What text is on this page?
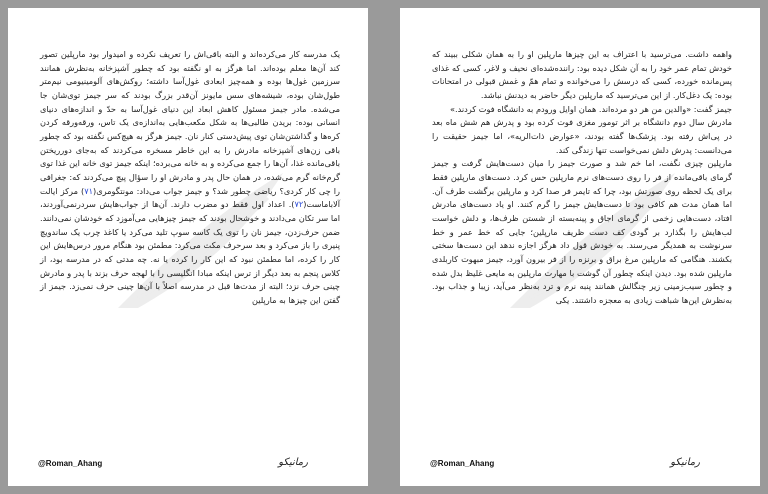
یک مدرسه کار می‌کرده‌اند و البته باقی‌اش را تعریف نکرده و امیدوار بود مارپلین تصور کند آن‌ها معلم بوده‌اند. اما هرگز به او نگفته بود که چطور آشپزخانه به‌نظرش همانند سرزمین غول‌ها بوده و همه‌چیز ابعادی غول‌آسا داشته؛ روکش‌های آلومینیومی نیم‌متر طول‌شان بوده، شیشه‌های سس مایونز آن‌قدر بزرگ بودند که سر جیمز توی‌شان جا می‌شده. مادر جیمز مسئول کاهش ابعاد این دنیای غول‌آسا به حدّ و اندازه‌های دنیای انسانی بوده: بریدن طالبی‌ها به شکل مکعب‌هایی به‌اندازه‌ی یک تاس، ورقه‌ورقه کردن کره‌ها و گذاشتن‌شان توی پیش‌دستی کنار نان. جیمز هرگز به هیچ‌کس نگفته بود که چطور باقی زن‌های آشپزخانه مادرش را به این خاطر مسخره می‌کردند که به‌جای دورریختن باقی‌مانده غذا، آن‌ها را جمع می‌کرده و به خانه می‌برده؛ اینکه جیمز توی خانه این غذا توی گرم‌خانه گرم می‌شده، در همان حال پدر و مادرش او را سؤال پیچ می‌کردند که: جغرافی را چی کار کردی؟ ریاضی چطور شد؟ و جیمز جواب می‌داد: مونتگومری(۷۱) مرکز ایالت آلاباماست(۷۲). اعداد اول فقط دو مضرب دارند. آن‌ها از جواب‌هایش سردرنمی‌آوردند، اما سر تکان می‌دادند و خوشحال بودند که جیمز چیزهایی می‌آموزد که خودشان نمی‌دانند. ضمن حرف‌زدن، جیمز نان را توی یک کاسه سوپ تلید می‌کرد یا کاغذ چرب یک ساندویچ پنیری را باز می‌کرد و بعد سرحرف مکث می‌کرد: مطمئن بود هنگام مرور درس‌هایش این کار را کرده، اما مطمئن نبود که این کار را کرده یا نه. چه مدتی که در مدرسه بود، از کلاس پنجم به بعد دیگر از ترس اینکه مبادا انگلیسی را با لهجه حرف بزند با پدر و مادرش چینی حرف نزد؛ البته از مدت‌ها قبل در مدرسه اصلاً با آن‌ها چینی حرف نمی‌زد. جیمز از گفتن این چیزها به مارپلین

@Roman_Ahang	رمانیکو

واهمه داشت. می‌ترسید با اعتراف به این چیزها مارپلین او را به همان شکلی ببیند که خودش تمام عمر خود را به آن شکل دیده بود: راننده‌شده‌ای نحیف و لاغر، کسی که غذای پس‌مانده خورده، کسی که درسش را می‌خوانده و تمام همّ و غمش قبولی در امتحانات بوده: یک دغل‌کار. از این می‌ترسید که مارپلین دیگر حاضر به دیدنش نباشد.

جیمز گفت: «والدین من هر دو مرده‌اند. همان اوایل ورودم به دانشگاه فوت کردند.»

مادرش سال دوم دانشگاه بر اثر تومور مغزی فوت کرده بود و پدرش هم شش ماه بعد در پی‌اش رفته بود. پزشک‌ها گفته بودند، «عوارض ذات‌الریه»، اما جیمز حقیقت را می‌دانست: پدرش دلش نمی‌خواست تنها زندگی کند.

مارپلین چیزی نگفت، اما خم شد و صورت جیمز را میان دست‌هایش گرفت و جیمز گرمای باقی‌مانده از فر را روی دست‌های نرم مارپلین حس کرد. دست‌های مارپلین فقط برای یک لحظه روی صورتش بود، چرا که تایمر فر صدا کرد و مارپلین برگشت طرف آن. اما همان مدت هم کافی بود تا دست‌هایش جیمز را گرم کنند. او یاد دست‌های مادرش افتاد، دست‌هایی زخمی از گرمای اجاق و پینه‌بسته از شستن ظرف‌ها، و دلش خواست لب‌هایش را بگذارد بر گودی کف دست ظریف مارپلین؛ جایی که خط عمر و خط سرنوشت به همدیگر می‌رسند. به خودش قول داد هرگز اجازه ندهد این دست‌ها سختی بکشند. هنگامی که مارپلین مرغ براق و برنزه را از فر بیرون آورد، جیمز مبهوت کاربلدی مارپلین شده بود. دیدن اینکه چطور آن گوشت با مهارت مارپلین به مایعی غلیظ بدل شده و چطور سیب‌زمینی زیر چنگالش همانند پنبه نرم و ترد به‌نظر می‌آید، زیبا و جذاب بود. به‌نظرش این‌ها شباهت زیادی به معجزه داشتند. یکی

@Roman_Ahang	رمانیکو
